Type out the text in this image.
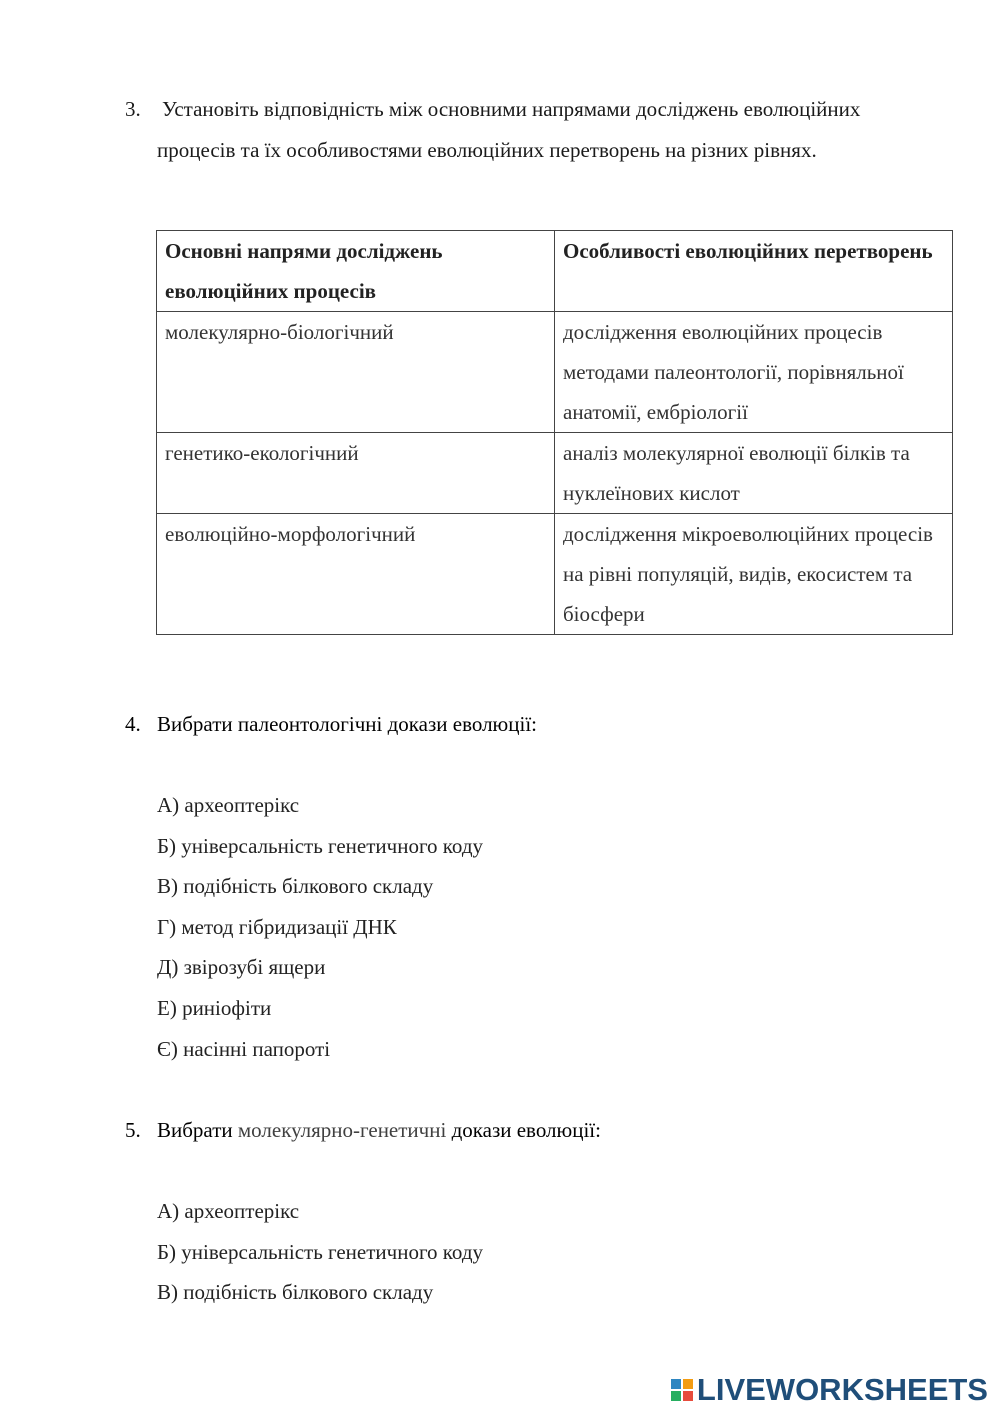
3. Установіть відповідність між основними напрямами досліджень еволюційних
процесів та їх особливостями еволюційних перетворень на різних рівнях.
Основні напрями досліджень еволюційних процесів	Особливості еволюційних перетворень
молекулярно-біологічний	дослідження еволюційних процесів методами палеонтології, порівняльної анатомії, ембріології
генетико-екологічний	аналіз молекулярної еволюції білків та нуклеїнових кислот
еволюційно-морфологічний	дослідження мікроеволюційних процесів на рівні популяцій, видів, екосистем та біосфери
4. Вибрати палеонтологічні докази еволюції:
А) археоптерікс
Б) універсальність генетичного коду
В) подібність білкового складу
Г) метод гібридизації ДНК
Д) звірозубі ящери
Е) риніофіти
Є) насінні папороті
5. Вибрати молекулярно-генетичні докази еволюції:
А) археоптерікс
Б) універсальність генетичного коду
В) подібність білкового складу
LIVEWORKSHEETS
